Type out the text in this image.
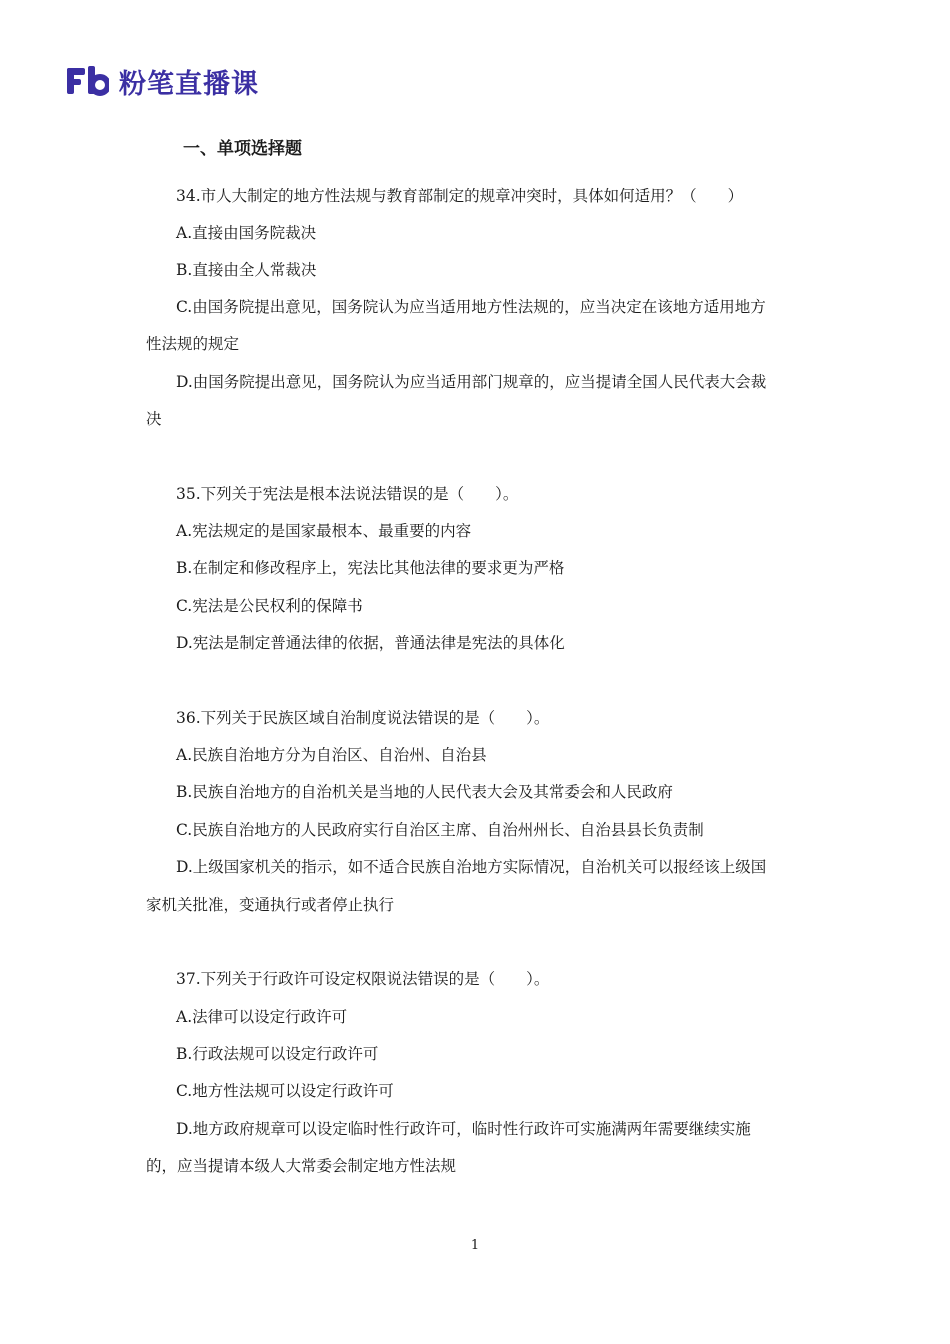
粉笔直播课
一、单项选择题
34.市人大制定的地方性法规与教育部制定的规章冲突时，具体如何适用？（　　）
A.直接由国务院裁决
B.直接由全人常裁决
C.由国务院提出意见，国务院认为应当适用地方性法规的，应当决定在该地方适用地方
性法规的规定
D.由国务院提出意见，国务院认为应当适用部门规章的，应当提请全国人民代表大会裁
决
35.下列关于宪法是根本法说法错误的是（　　）。
A.宪法规定的是国家最根本、最重要的内容
B.在制定和修改程序上，宪法比其他法律的要求更为严格
C.宪法是公民权利的保障书
D.宪法是制定普通法律的依据，普通法律是宪法的具体化
36.下列关于民族区域自治制度说法错误的是（　　）。
A.民族自治地方分为自治区、自治州、自治县
B.民族自治地方的自治机关是当地的人民代表大会及其常委会和人民政府
C.民族自治地方的人民政府实行自治区主席、自治州州长、自治县县长负责制
D.上级国家机关的指示，如不适合民族自治地方实际情况，自治机关可以报经该上级国
家机关批准，变通执行或者停止执行
37.下列关于行政许可设定权限说法错误的是（　　）。
A.法律可以设定行政许可
B.行政法规可以设定行政许可
C.地方性法规可以设定行政许可
D.地方政府规章可以设定临时性行政许可，临时性行政许可实施满两年需要继续实施
的，应当提请本级人大常委会制定地方性法规
1
